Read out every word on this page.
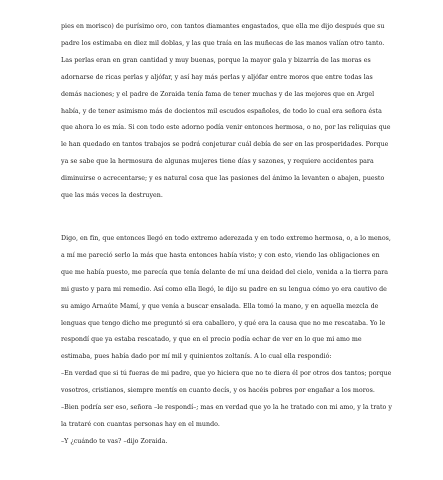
pies en morisco) de purísimo oro, con tantos diamantes engastados, que ella me dijo después que su padre los estimaba en diez mil doblas, y las que traía en las muñecas de las manos valían otro tanto. Las perlas eran en gran cantidad y muy buenas, porque la mayor gala y bizarría de las moras es adornarse de ricas perlas y aljófar, y así hay más perlas y aljófar entre moros que entre todas las demás naciones; y el padre de Zoraida tenía fama de tener muchas y de las mejores que en Argel había, y de tener asimismo más de docientos mil escudos españoles, de todo lo cual era señora ésta que ahora lo es mía. Si con todo este adorno podía venir entonces hermosa, o no, por las reliquias que le han quedado en tantos trabajos se podrá conjeturar cuál debía de ser en las prosperidades. Porque ya se sabe que la hermosura de algunas mujeres tiene días y sazones, y requiere accidentes para diminuirse o acrecentarse; y es natural cosa que las pasiones del ánimo la levanten o abajen, puesto que las más veces la destruyen.

Digo, en fin, que entonces llegó en todo extremo aderezada y en todo extremo hermosa, o, a lo menos, a mí me pareció serlo la más que hasta entonces había visto; y con esto, viendo las obligaciones en que me había puesto, me parecía que tenía delante de mí una deidad del cielo, venida a la tierra para mi gusto y para mi remedio. Así como ella llegó, le dijo su padre en su lengua cómo yo era cautivo de su amigo Arnaúte Mamí, y que venía a buscar ensalada. Ella tomó la mano, y en aquella mezcla de lenguas que tengo dicho me preguntó si era caballero, y qué era la causa que no me rescataba. Yo le respondí que ya estaba rescatado, y que en el precio podía echar de ver en lo que mi amo me estimaba, pues había dado por mí mil y quinientos zoltanís. A lo cual ella respondió:

–En verdad que si tú fueras de mi padre, que yo hiciera que no te diera él por otros dos tantos; porque vosotros, cristianos, siempre mentís en cuanto decís, y os hacéis pobres por engañar a los moros.

–Bien podría ser eso, señora –le respondí–; mas en verdad que yo la he tratado con mi amo, y la trato y la trataré con cuantas personas hay en el mundo.

–Y ¿cuándo te vas? –dijo Zoraida.
